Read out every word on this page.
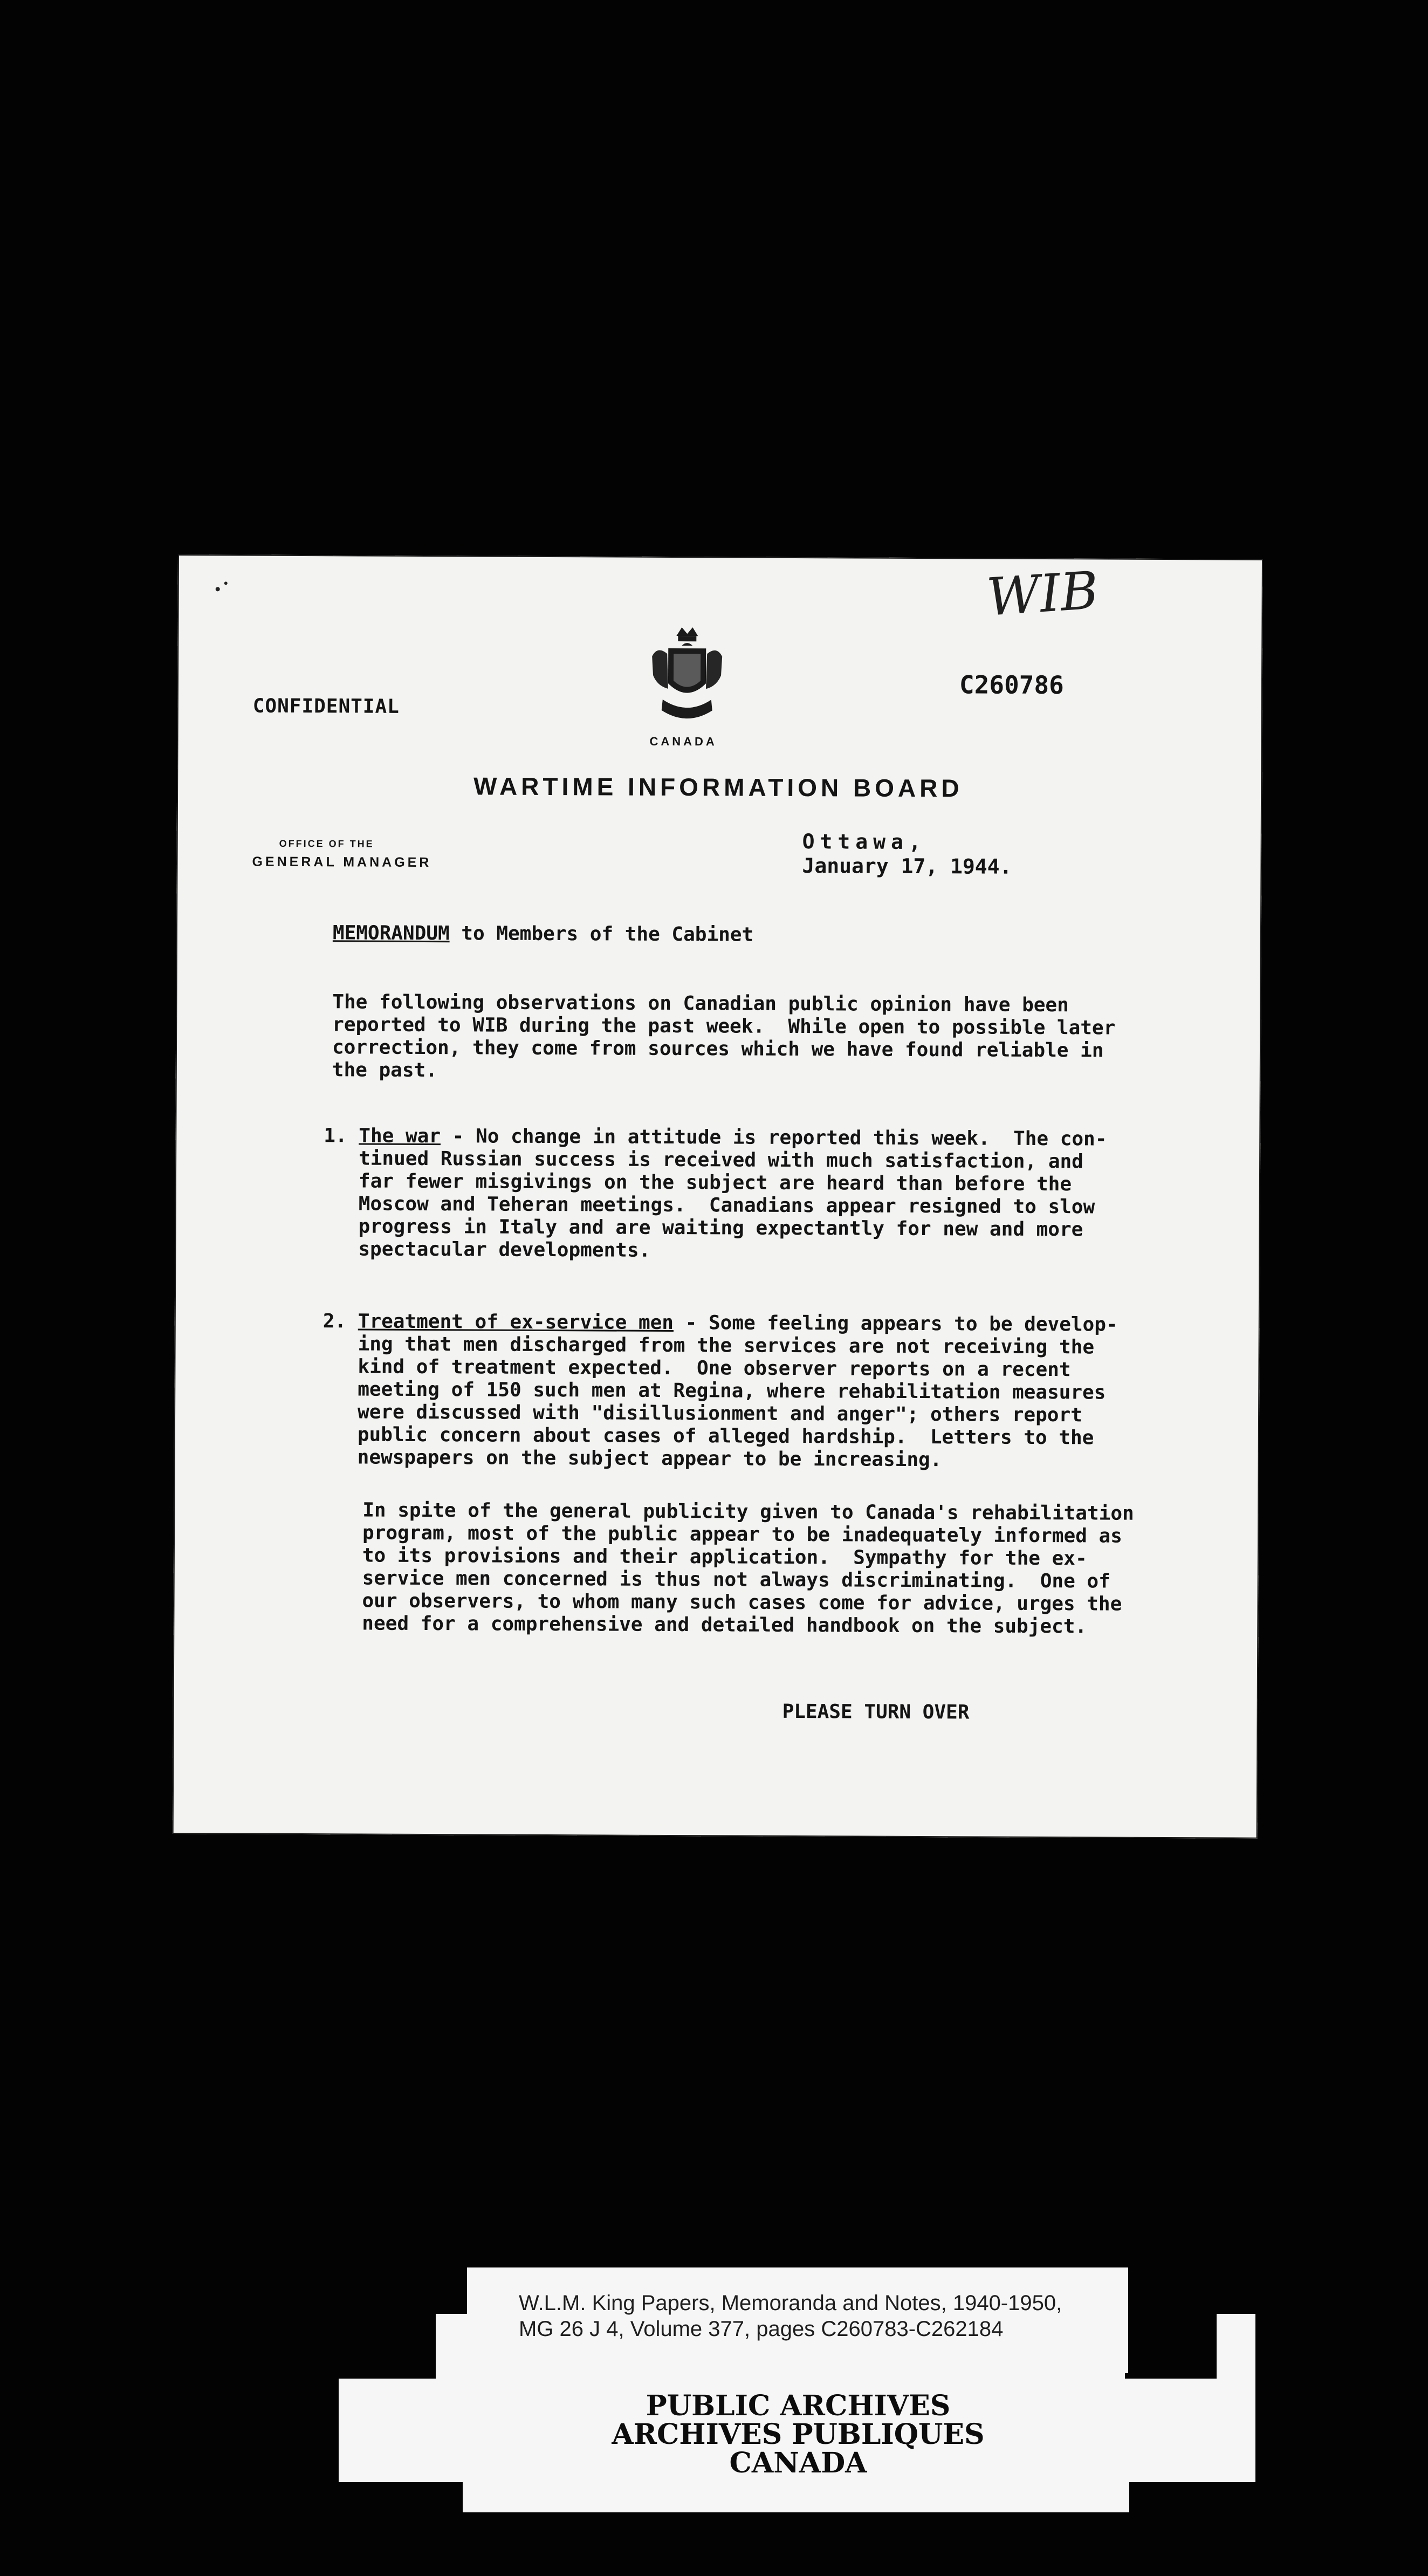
WIB
CONFIDENTIAL
C260786
CANADA
WARTIME INFORMATION BOARD
OFFICE OF THE
GENERAL MANAGER
Ottawa,
January 17, 1944.
MEMORANDUM to Members of the Cabinet
The following observations on Canadian public opinion have been
reported to WIB during the past week.  While open to possible later
correction, they come from sources which we have found reliable in
the past.
1. The war - No change in attitude is reported this week.  The con-
tinued Russian success is received with much satisfaction, and
far fewer misgivings on the subject are heard than before the
Moscow and Teheran meetings.  Canadians appear resigned to slow
progress in Italy and are waiting expectantly for new and more
spectacular developments.
2. Treatment of ex-service men - Some feeling appears to be develop-
ing that men discharged from the services are not receiving the
kind of treatment expected.  One observer reports on a recent
meeting of 150 such men at Regina, where rehabilitation measures
were discussed with "disillusionment and anger"; others report
public concern about cases of alleged hardship.  Letters to the
newspapers on the subject appear to be increasing.
In spite of the general publicity given to Canada's rehabilitation
program, most of the public appear to be inadequately informed as
to its provisions and their application.  Sympathy for the ex-
service men concerned is thus not always discriminating.  One of
our observers, to whom many such cases come for advice, urges the
need for a comprehensive and detailed handbook on the subject.
PLEASE TURN OVER
W.L.M. King Papers, Memoranda and Notes, 1940-1950,
MG 26 J 4, Volume 377, pages C260783-C262184
PUBLIC ARCHIVES
ARCHIVES PUBLIQUES
CANADA
